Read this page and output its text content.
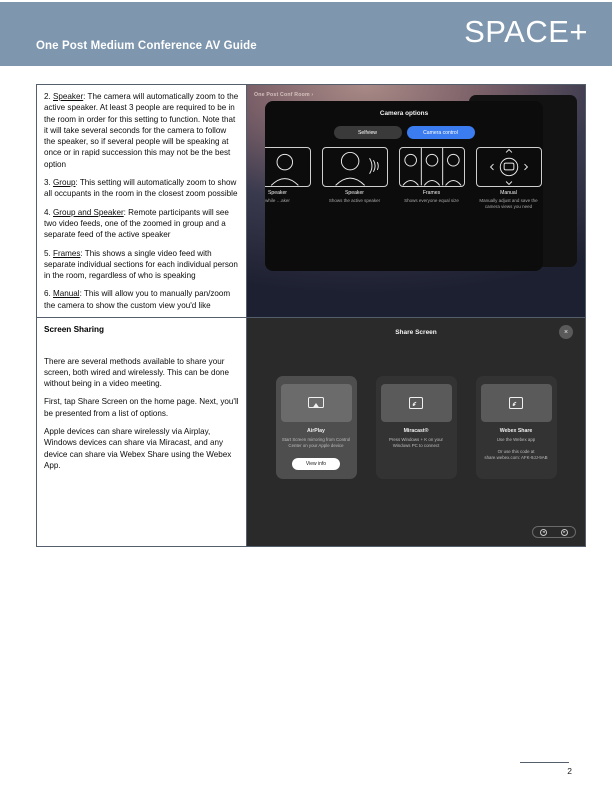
One Post Medium Conference AV Guide	SPACE+

2. Speaker: The camera will automatically zoom to the active speaker. At least 3 people are required to be in the room in order for this setting to function. Note that it will take several seconds for the camera to follow the speaker, so if several people will be speaking at once or in rapid succession this may not be the best option

3. Group: This setting will automatically zoom to show all occupants in the room in the closest zoom possible

4. Group and Speaker: Remote participants will see two video feeds, one of the zoomed in group and a separate feed of the active speaker

5. Frames: This shows a single video feed with separate individual sections for each individual person in the room, regardless of who is speaking

6. Manual: This will allow you to manually pan/zoom the camera to show the custom view you'd like

One Post Conf Room ›
Camera options
Selfview	Camera control
Speaker
while …aker
Speaker
Shows the active speaker
Frames
Shows everyone equal size
Manual
Manually adjust and save the camera views you need

Screen Sharing

There are several methods available to share your screen, both wired and wirelessly. This can be done without being in a video meeting.

First, tap Share Screen on the home page. Next, you'll be presented from a list of options.

Apple devices can share wirelessly via Airplay, Windows devices can share via Miracast, and any device can share via Webex Share using the Webex App.

Share Screen	×
AirPlay
Start Screen mirroring from Control Center on your Apple device
View info
Miracast®
Press Windows + K on your Windows PC to connect
Webex Share
Use the Webex app
Or use this code at share.webex.com: AFK-9JJ-9AB
◂	▸
2
